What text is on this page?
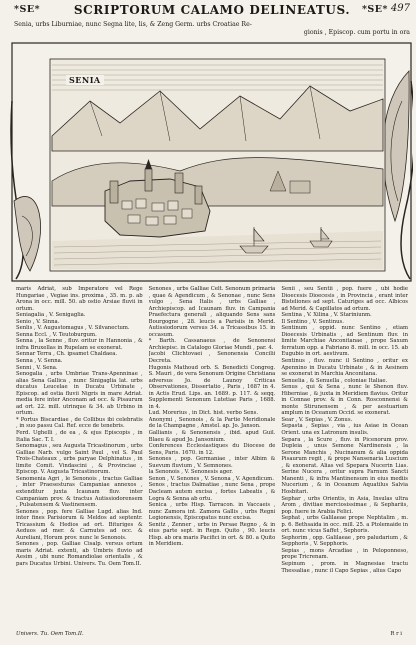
*SE*	SCRIPTORUM CALAMO DELINEATUS.	*SE* 497
Senia, urbs Liburniae, nunc Segna lite, lis, & Zeng Germ. urbs Croatiae Re-
gionis , Episcop. cum portu in ora
SENIA
maris Adriat, sub Imperatore vel Rege Hungariae , Vegiae ins. proxima , 35. m. p. ab Arona in occ. mill. 50. ab ostio Arsiae fluvii in ortum.
Seniagalia , V. Senigaglia.
Senio , V. Sinna.
Senlis , V. Augustomagus , V. Silvanectum.
Senna Eccl. , V. Teutoburgum.
Senna , la Senne , fluv. oritur in Hannonia , & infra Bruxellas in Rupelam se exonerat.
Sennar Terra , Ch. ipsamet Chaldaea.
Senna , V. Senna.
Senni , V. Sena.
Senogalia , urbs Umbriae Trans-Apenninae , alias Sena Gallica , nunc Sinigaglia lat. urbs ducatus Leucelae in Ducatu Urbinate , Episcop. ad ostia fluvii Nigris in mare Adriat. media fere inter Anconam ad occ. & Pisaurum ad ort. 22. mill. utrinque & 34. ab Urbino in ortum.
* Portus Biscardiae , de Collibus ibi celebratis , in suo passu Cal. Ref. ecce de tenebris.
Ferd. Ughelli , de ea , & ejus Episcopis , in Italia Sac. T. I.
Senomagus , seu Augusta Tricastinorum , urbs Galliae Narb. vulgo Saint Paul , vel S. Paul Trois-Chateaux , urbs paryae Delphinatus , in limite Comit. Vindascini , & Provinciae , Episcop. V. Augusta Tricastinorum.
Senomenia Agri , le Senonois , tractus Galliae , inter Praesesturas Campaniae annexos , extenditur juxta Icaunam fluv. inter Campaniam prov. & tractus Autissiodorensem , Pulsatensem & Vastinensem.
Senones , pop. fere Galliae Lugd. alias Ind. inter fines Parisiorum & Meldos ad septentr. Tricassium & Hedios ad ort. Bituriges & Aeduos ad mer. & Carnutes ad occ. & Aureliani, Horum prov. nunc le Senonois.
Senones , pop. Galliae Cisalp. versus ortum maris Adriat. extenti, ab Umbris fluvio ad Aesim , ubi nunc Romandiolae orientalis , & pars Ducatus Urbini. Univers. Tu. Oem Tom.II.
Senones , urbs Galliae Celt. Senonum primaria , quae & Agendicum , & Senonae , nunc Sens vulgo , Sena Italis , urbs Galliae , Archiepiscop. ad Icaunam fluv. in Campania Praefectura generali , aliquando Sens sans Bourgogne , 28. leucis a Parisiis in Merid. Autissiodorum versus 34. a Tricassibus 15. in occasum.
* Barth. Cassanaeus , de Senonensi Archiepisc. in Catalogo Gloriae Mundi , par. 4.
Jacobi Clichtovaei , Senonensia Concilii Decreta.
Hugonis Mathoud orb. S. Benedicti Congreg. S. Mauri , de vera Senonum Origine Christiana adversus Jo. de Launoy Criticas Observationes, Dissertatio , Paris , 1687 in 4. in Actis Erud. Lips. an. 1689. p. 117. & seqq. Supplementi Senonum Lutetiae Paris , 1688. in 4.
Lud. Morerius , in Dict. hist. verbo Sens.
Anonymi , Senonois , & la Partie Meridionale de la Champagne , Amstel. ap. Jo. Janson.
Gallianis , & Senonensis , ibid. apud Guil. Blaeu & apud Jo. Jansonium.
Conferences Ecclesiastiques du Diocese de Sens, Paris. 1670. in 12.
Senones , pop. Germaniae , inter Albim & Suevum fluvium , V. Semnones.
la Senonois , V. Senonesis ager.
Senon , V. Senones , V. Senona , V. Agendicum.
Senos , tractus Dalmatiae , nunc Sena , prope Dacleam autem excisa , fortes Labeatis , & Legra & Senna ab ortu.
Senica , urbs Hisp. Tarracon. in Vaccaeis , nunc Zamora int. Zamora Gallis , urbs Regni Legionensis, Episcopatus nunc excisa.
Senitz , Zenner , urbs in Persae Regno , & in eius parte sept. in Regn. Quito , 90. leucis Hisp. ab ora maris Pacifici in ort. & 80. a Quito in Meridiem.
Senii , seu Sentii , pop. fuere , ubi hodie Dioecesis Dioecesis , in Provincia , erant inter Bisteliones ad sept. Caturiges ad occ. Albicos ad Merid. & Capillatos ad ortum.
Sentina , V. Xilina , V. Stariniunm.
Il Sentino , V. Sentinus.
Sentinum , oppid. nunc Sentino , etiam Dioecesis Urbinatis , ad Sentinum fluv. in limite Marchiae Anconitanae , prope Saxum ferratum opp. a Fabriano 8. mill. in occ. 15. ab Eugubio in ort. aestivum.
Sentinus , fluv. nunc il Sentino , oritur ex Apennino in Ducatu Urbinate , & in Aesinem se exonerat in Marchia Anconitana.
Senuelia , & Senuella , coloniae Italiae.
Senus , qui & Sena , nunc le Shenon fluv. Hiberniae , & juxta in Meridiem flavius. Oritur in Connae prov. & in Conn. Rosconnensi & monte Stirunensem , & per aestuarium amplum in Oceanum Occid. se exonerat.
Sear , V. Sepias , V. Zonus.
Sepasta , Sepias , via , ius Asiae in Ocean Orient. una ex Latronum insulis.
Separa , la Scure , fluv. in Picenorum prov. Dupleia , unus Semone Nardinensis , la Serone Manchis , Nucinanum & alia oppida Pisaurum regit , & prope Nansenaria Luscium , & exonerat. Alias vel Spepara Nucerin Lias. Serine Nucera , oritur supra Farnum Sancti Manenti , & infra Mantinensum in eius mediis Nucerium , & in Oceanum Aquatilus Salvia Hosbitari.
Sephar , urbs Orientis, in Asia, Insulas ultra Arom , divitiae merciosissimae , & Sephariis, pop. fuere in Arabia Felici.
Sephat , urbs Galilaeae prope Nephtalim , m. p. 6. Bethsaida in occ. mill. 25. a Ptolemaide in ort. nunc vicus Saffet , Sephoris.
Sephorim , opp. Galilaeae , pro paludarium , & Sepphoris , V. Sepphoris.
Sepias , mons Arcadiae , in Peloponneso, prope Tricrenam.
Sepinum , prom. in Magnesiae tractu Thessaliae , nunc il Capo Sepias , alius Capo
Univers. Tu. Oem Tom.II.	R r i
